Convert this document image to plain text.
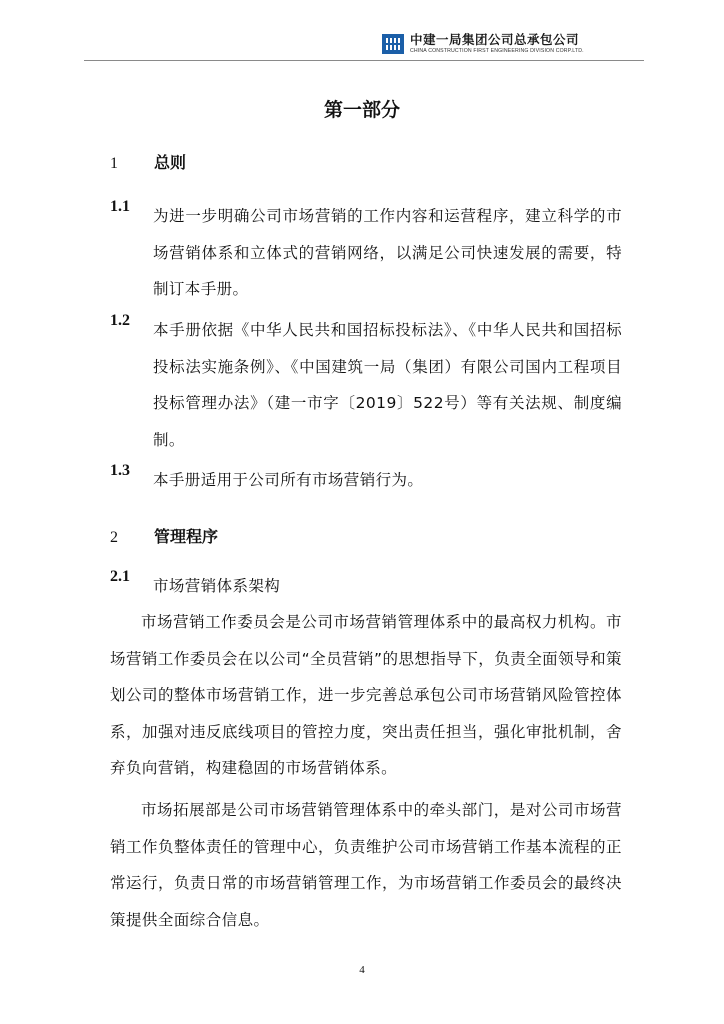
中建一局集团公司总承包公司
CHINA CONSTRUCTION FIRST ENGINEERING DIVISION CORP.LTD.
第一部分
1 总则
1.1
为进一步明确公司市场营销的工作内容和运营程序，建立科学的市场营销体系和立体式的营销网络，以满足公司快速发展的需要，特制订本手册。
1.2
本手册依据《中华人民共和国招标投标法》、《中华人民共和国招标投标法实施条例》、《中国建筑一局（集团）有限公司国内工程项目投标管理办法》（建一市字〔2019〕522号）等有关法规、制度编制。
1.3
本手册适用于公司所有市场营销行为。
2 管理程序
2.1
市场营销体系架构
市场营销工作委员会是公司市场营销管理体系中的最高权力机构。市场营销工作委员会在以公司“全员营销”的思想指导下，负责全面领导和策划公司的整体市场营销工作，进一步完善总承包公司市场营销风险管控体系，加强对违反底线项目的管控力度，突出责任担当，强化审批机制，舍弃负向营销，构建稳固的市场营销体系。
市场拓展部是公司市场营销管理体系中的牵头部门，是对公司市场营销工作负整体责任的管理中心，负责维护公司市场营销工作基本流程的正常运行，负责日常的市场营销管理工作，为市场营销工作委员会的最终决策提供全面综合信息。
4
